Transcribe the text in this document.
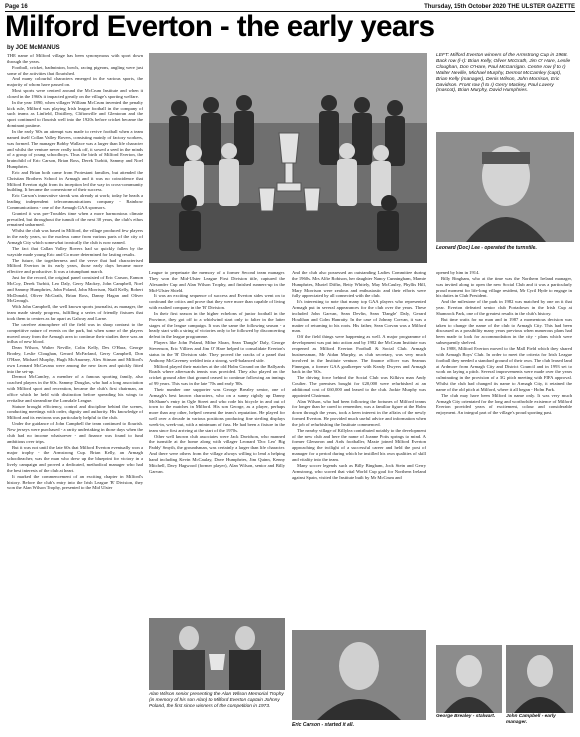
Page 16	Thursday, 15th October 2020 THE ULSTER GAZETTE
Milford Everton - the early years
by JOE McMANUS

THE name of Milford village has been synonymous with sport down through the years.

Football, cricket, badminton, bowls, racing pigeons, angling were just some of the activities that flourished.

And many colourful characters emerged in the various sports, the majority of whom have passed on.

Most sports were centred around the McCrum Institute and when it closed in the 1960s it impacted greatly on the village's sporting welfare.

In the year 1890, when villager William McCrum invented the penalty kick rule, Milford was playing Irish league football in the company of such teams as Linfield, Distillery, Cliftonville and Glentoran and the sport continued to flourish well into the 1920s before cricket became the dominant pastime.

In the early '60s an attempt was made to revive football when a team named itself Collan Valley Rovers, consisting mainly of factory workers, was formed. The manager Bobby Wallace was a larger than life character and whilst the venture never really took off, it sowed a seed in the minds of a group of young schoolboys. Thus the birth of Milford Everton, the brainchild of Eric Carson, Brian Ross, Derek Turbitt, Sammy and Noel Humphries.

Eric and Brian both came from Protestant families, but attended the Christian Brothers School in Armagh and it was no coincidence that Milford Everton right from its inception led the way in cross-community building. It became the cornerstone of their success.

Eric Carson's innovative streak was already at work; today he heads a leading independent telecommunications company - Rainbow Communications - one of the Armagh GAA sponsors.

Granted it was pre-Troubles time when a more harmonious climate prevailed, but throughout the tumult of the next 30 years, the club's ethos remained unharmed.

Whilst the club was based in Milford, the village produced few players in the early years, so the nucleus came from various parts of the city of Armagh City which somewhat ironically the club is now named.

The fact that Callan Valley Rovers had so quickly fallen by the wayside made young Eric and Co more determined for lasting results.

The future, the togetherness and the verve that had characterised Milford Everton in its early years, those early days became more effective and productive. It was a triumphant march.

Just for the record, the original panel consisted of Eric Carson, Eamon McCoy, Derek Turbitt, Leo Daly, Gerry Mackey, John Campbell, Noel and Sammy Humphries, John Poland, John Morrison, Niall Kelly, Robert McDonald, Oliver McGrath, Brian Ross, Danny Hagan and Oliver McGeough.

With John Campbell, the well known sports journalist, as manager, the team made steady progress, fulfilling a series of friendly fixtures that took them to centres as far apart as Galway and Larne.

The carefree atmosphere off the field was in sharp contrast to the competitive nature of events on the park, but when some of the players moved away from the Armagh area to continue their studies there was an influx of new blood.

Dean Wilson, Walter Neville, Colin Kelly, Des O'Hara, George Brodey, Leslie Cloughan, Gerard McFarland, Gerry Campbell, Don O'Hare, Michael Murphy, Hugh McAnarney, Alex Stinson and Milford's own Leonard McCavana were among the new faces and quickly fitted into the set-up.

Dermot McCamley, a member of a famous sporting family, also coached players in the 60s. Sammy Douglas, who had a long association with Milford sport and recreation, became the club's first chairman, an office which he held with distinction before spreading his wings to revitalise and streamline the Lonsdale League.

Stature brought efficiency, control and discipline behind the scenes, conducting meetings with order, dignity and authority. His knowledge of Milford and its environs was particularly helpful to the club.

Under the guidance of John Campbell the team continued to flourish. New jerseys were purchased - a rarity undertaking in those days when the club had no income whatsoever - and finance was found to fund ambitious over trips.

But it was not until the late 60s that Milford Everton eventually won a major trophy - the Armstrong Cup. Brian Kelly, an Armagh schoolteacher, was the man who drew up the blueprint for victory in a lively campaign and proved a dedicated, methodical manager who had the best interests of the club at heart.

It marked the commencement of an exciting chapter in Milford's history. Before the club's entry into the Irish League 'B' Division, they won the Alan Wilson Trophy, presented to the Mid Ulster

LEFT: Milford Everton winners of the Armstrong Cup in 1968. Back row (l-r): Brian Kelly, Oliver McGrath, Jim O' Hare, Leslie Cloughan, Don O'Hare, Paul McGarrigan. Centre row (l to r) Walter Neville, Michael Murphy, Dermot McCamley (capt), Brian Kelly (manager), Denis Wilson, John Morrison, Eric Davidson. Front row (l to r) Gerry Mackey, Paul Lavery (mascot), Brian Murphy, David Humphries.
Leonard (Doc) Lee - operated the turnstile.

League to perpetuate the memory of a former Second team manager. They won the Mid-Ulster League First Division title, captured the Alexander Cup and Alan Wilson Trophy, and finished runners-up in the Mid-Ulster Shield.

It was an exciting sequence of success and Everton sides went on to confound the critics and prove that they were more than capable of living with exalted company in the 'B' Division.

In their first season in the higher echelons of junior football in the Province, they got off to a whirlwind start only to falter in the latter stages of the league campaign. It was the same the following season - a heady start with a string of victories only to be followed by disconcerting defeat in the league programme.

Players like John Poland, Milne Sloan, Sean 'Dangle' Daly, George Stevenson, Eric Villiers and Jim O' Hare helped to consolidate Everton's status in the 'B' Division side. They proved the cracks of a panel that Anthony McCaveney welded into a strong, well-balanced side.

Milford played their matches at the old Holm Ground on the Ballyards Roads where afterwards tennis was provided. They also played on the cricket ground after that ground ceased to continue following an innings of 99 years. This was in the late '70s and early '80s.

Their number one supporter was George Brealey senior, one of Armagh's best known characters, who on a sunny rightly up Danny McShane's entry in Ogle Street and who rode his bicycle in and out of town to the matches in Milford. His son George, as a player, perhaps more than any other, helped cement the team's reputation. He played for well over a decade in various positions producing fine sterling displays week-in, week-out, with a minimum of fuss. He had been a fixture in the team since first arriving at the start of the 1970s.

Other well known club associates were Jack Davidson, who manned the turnstile at the home along with villager Leonard 'Doc Leo' Big Paddy' Smyth, the groundsman, was certainly a larger than life character. And there were others from the village always willing to lend a helping hand including Kevin McCaulay, Dave Humphries, Jim Quinn, Kenny Mitchell, Davy Hagwood (former player), Alan Wilson, senior and Billy Garvan.

And the club also possessed an outstanding Ladies Committee during the 1960s. Mrs Alfie Robison, her daughter Nancy Cunningham, Mamie Humphries, Muriel Diffin, Betty Whitely, May McCauley, Phyllis Hill, Mary Morrison were zealous and enthusiastic and their efforts were fully appreciated by all connected with the club.

It's interesting to note that many top GAA players who represented Armagh put in several appearances for the club over the years. These included John Garvan, Sean Devlin, Sean 'Dangle' Daly, Gerard Houlihan and Colm Hanratty. In the case of Johnny Corvan, it was a matter of returning to his roots. His father, Sean Corvan was a Milford man.

Off the field things were happening as well. A major programme of development was put into action and by 1982 the McCrum Institute was reopened as Milford Everton Football & Social Club. Armagh businessman, Mr Aidan Murphy, as club secretary, was very much involved in the Institute venture. The finance officer was Seamus Finnegan, a former GAA goalkeeper with Keady Dwyers and Armagh back in the '60s.

The driving force behind the Social Club was Kilkiva man Andy Coulter. The premises bought for £20,000 were refurbished at an additional cost of £60,000 and leased to the club. Jackie Murphy was appointed Chairman.

Alan Wilson, who had been following the fortunes of Milford teams for longer than he cared to remember, was a familiar figure at the Holm down through the years, took a keen interest in the affairs of the newly formed Everton. He provided much useful advice and information when the job of refurbishing the Institute commenced.

The nearby village of Killylea contributed notably to the development of the new club and here the name of Joanne Potts springs to mind. A former Glenavon and Ards footballer, Maxie joined Milford Everton approaching the twilight of a successful career and held the post of manager for a period during which he instilled his own qualities of skill and vitality into the team.

Many soccer legends such as Billy Bingham, Jock Stein and Gerry Armstrong, who scored that vital World Cup goal for Northern Ireland against Spain, visited the Institute built by Mr McCrum and

opened by him in 1914.

Billy Bingham, who at the time was the Northern Ireland manager, was invited along to open the new Social Club and it was a particularly proud moment for life-long village resident, Mr Cyril Hyde to engage in his duties in Club President.

And the milestone of the park in 1982 was matched by one on it that year. Everton defeated senior club Portadown in the Irish Cup at Shamrock Park, one of the greatest results in the club's history.

But time waits for no man and in 1987 a momentous decision was taken to change the name of the club to Armagh City. This had been discussed as a possibility many years previous when numerous plans had been made to look for accommodation in the city - plans which were subsequently shelved.

In 1988, Milford Everton moved to the Mall Field which they shared with Armagh Boys' Club. In order to meet the criteria for Irish League football they needed a standard ground of their own. The club leased land at Ardmore from Armagh City and District Council and in 1993 set to work on laying a pitch. Several improvements were made over the years culminating in the provision of a 3G pitch meeting with FIFA approval. Whilst the club had changed its name to Armagh City, it retained the name of the old pitch at Milford, where it all began - Holm Park.

The club may have been Milford in name only. It was very much Armagh City orientated for the long and worthwhile existence of Milford Everton provided years of excitement, colour and considerable enjoyment. An integral part of the village's proud sporting past.

Alan Wilson senior presenting the Alan Wilson Memorial Trophy (in memory of his son Alan) to Milford Everton captain Johnny Poland, the first since winners of the competition in 1973.
Eric Carson - started it all.
George Brealey - stalwart.	John Campbell - early manager.
